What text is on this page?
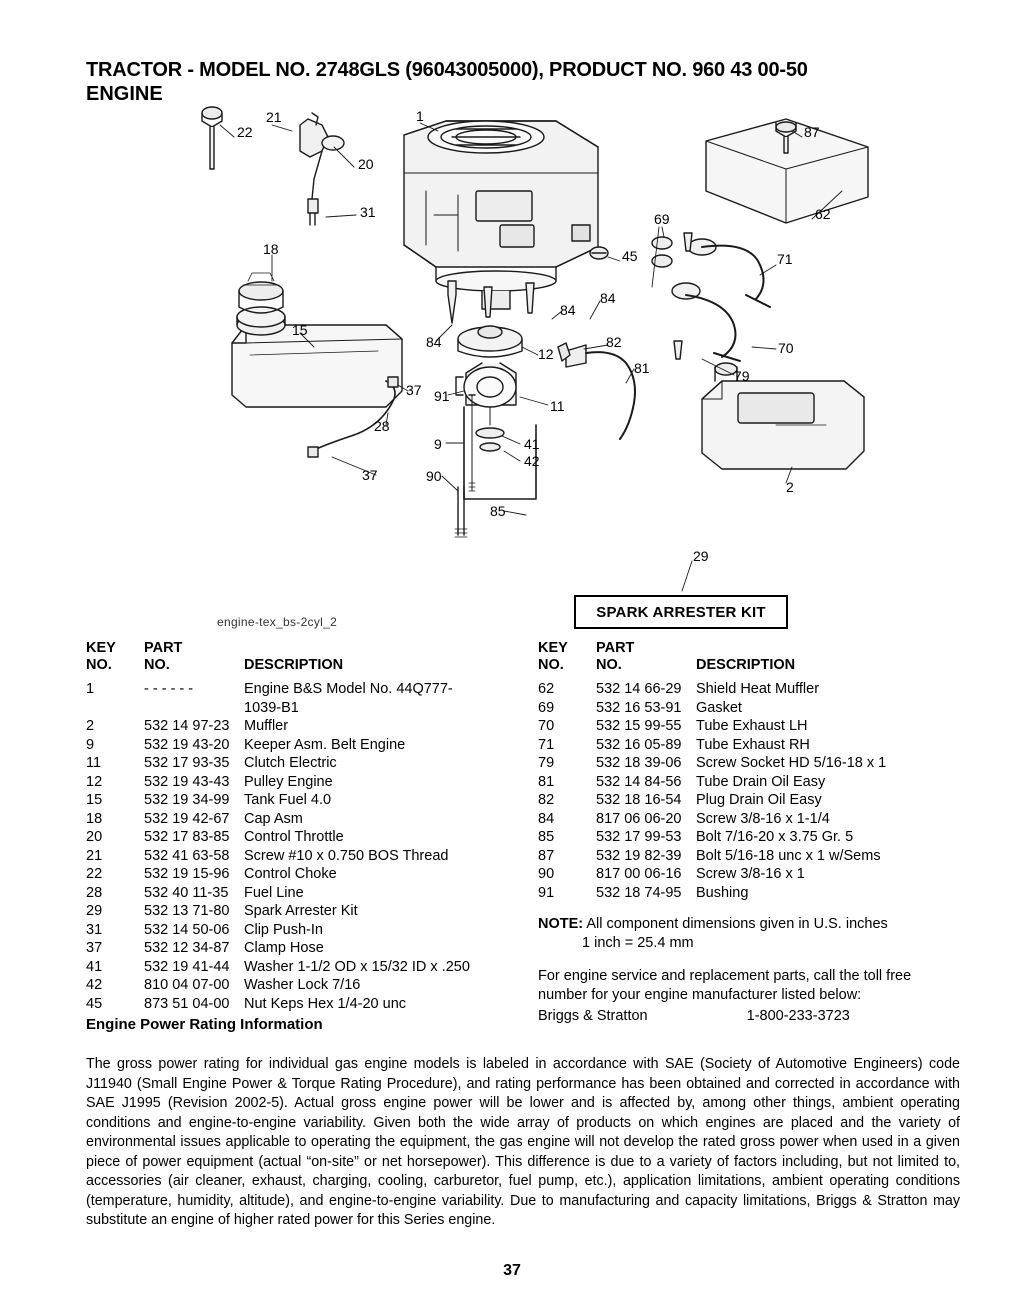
TRACTOR - MODEL NO. 2748GLS (96043005000), PRODUCT NO. 960 43 00-50
ENGINE
22
21	1
87
20
62
31	69
45	71
18
84
84
15
84	82	70
12
81	79
37 91
11
28
9	41
42
37	90
2
85
29
engine-tex_bs-2cyl_2
SPARK ARRESTER KIT
KEY
NO.
PART
NO.	DESCRIPTION
1	- - - - - -	Engine B&S Model No. 44Q777-
		1039-B1
2	532 14 97-23	Muffler
9	532 19 43-20	Keeper Asm. Belt Engine
11	532 17 93-35	Clutch Electric
12	532 19 43-43	Pulley Engine
15	532 19 34-99	Tank Fuel 4.0
18	532 19 42-67	Cap Asm
20	532 17 83-85	Control Throttle
21	532 41 63-58	Screw #10 x 0.750 BOS Thread
22	532 19 15-96	Control Choke
28	532 40 11-35	Fuel Line
29	532 13 71-80	Spark Arrester Kit
31	532 14 50-06	Clip Push-In
37	532 12 34-87	Clamp Hose
41	532 19 41-44	Washer 1-1/2 OD x 15/32 ID x .250
42	810 04 07-00	Washer Lock 7/16
45	873 51 04-00	Nut Keps Hex 1/4-20 unc
KEY
NO.
PART
NO.	DESCRIPTION
62	532 14 66-29	Shield Heat Muffler
69	532 16 53-91	Gasket
70	532 15 99-55	Tube Exhaust LH
71	532 16 05-89	Tube Exhaust RH
79	532 18 39-06	Screw Socket HD 5/16-18 x 1
81	532 14 84-56	Tube Drain Oil Easy
82	532 18 16-54	Plug Drain Oil Easy
84	817 06 06-20	Screw 3/8-16 x 1-1/4
85	532 17 99-53	Bolt 7/16-20 x 3.75 Gr. 5
87	532 19 82-39	Bolt 5/16-18 unc x 1 w/Sems
90	817 00 06-16	Screw 3/8-16 x 1
91	532 18 74-95	Bushing
NOTE: All component dimensions given in U.S. inches
1 inch = 25.4 mm
For engine service and replacement parts, call the toll free
number for your engine manufacturer listed below:
Briggs & Stratton	1-800-233-3723
Engine Power Rating Information
The gross power rating for individual gas engine models is labeled in accordance with SAE (Society of Automotive Engineers) code J11940 (Small Engine Power & Torque Rating Procedure), and rating performance has been obtained and corrected in accordance with SAE J1995 (Revision 2002-5). Actual gross engine power will be lower and is affected by, among other things, ambient operating conditions and engine-to-engine variability. Given both the wide array of products on which engines are placed and the variety of environmental issues applicable to operating the equipment, the gas engine will not develop the rated gross power when used in a given piece of power equipment (actual “on-site” or net horsepower). This difference is due to a variety of factors including, but not limited to, accessories (air cleaner, exhaust, charging, cooling, carburetor, fuel pump, etc.), application limitations, ambient operating conditions (temperature, humidity, altitude), and engine-to-engine variability. Due to manufacturing and capacity limitations, Briggs & Stratton may substitute an engine of higher rated power for this Series engine.
37
